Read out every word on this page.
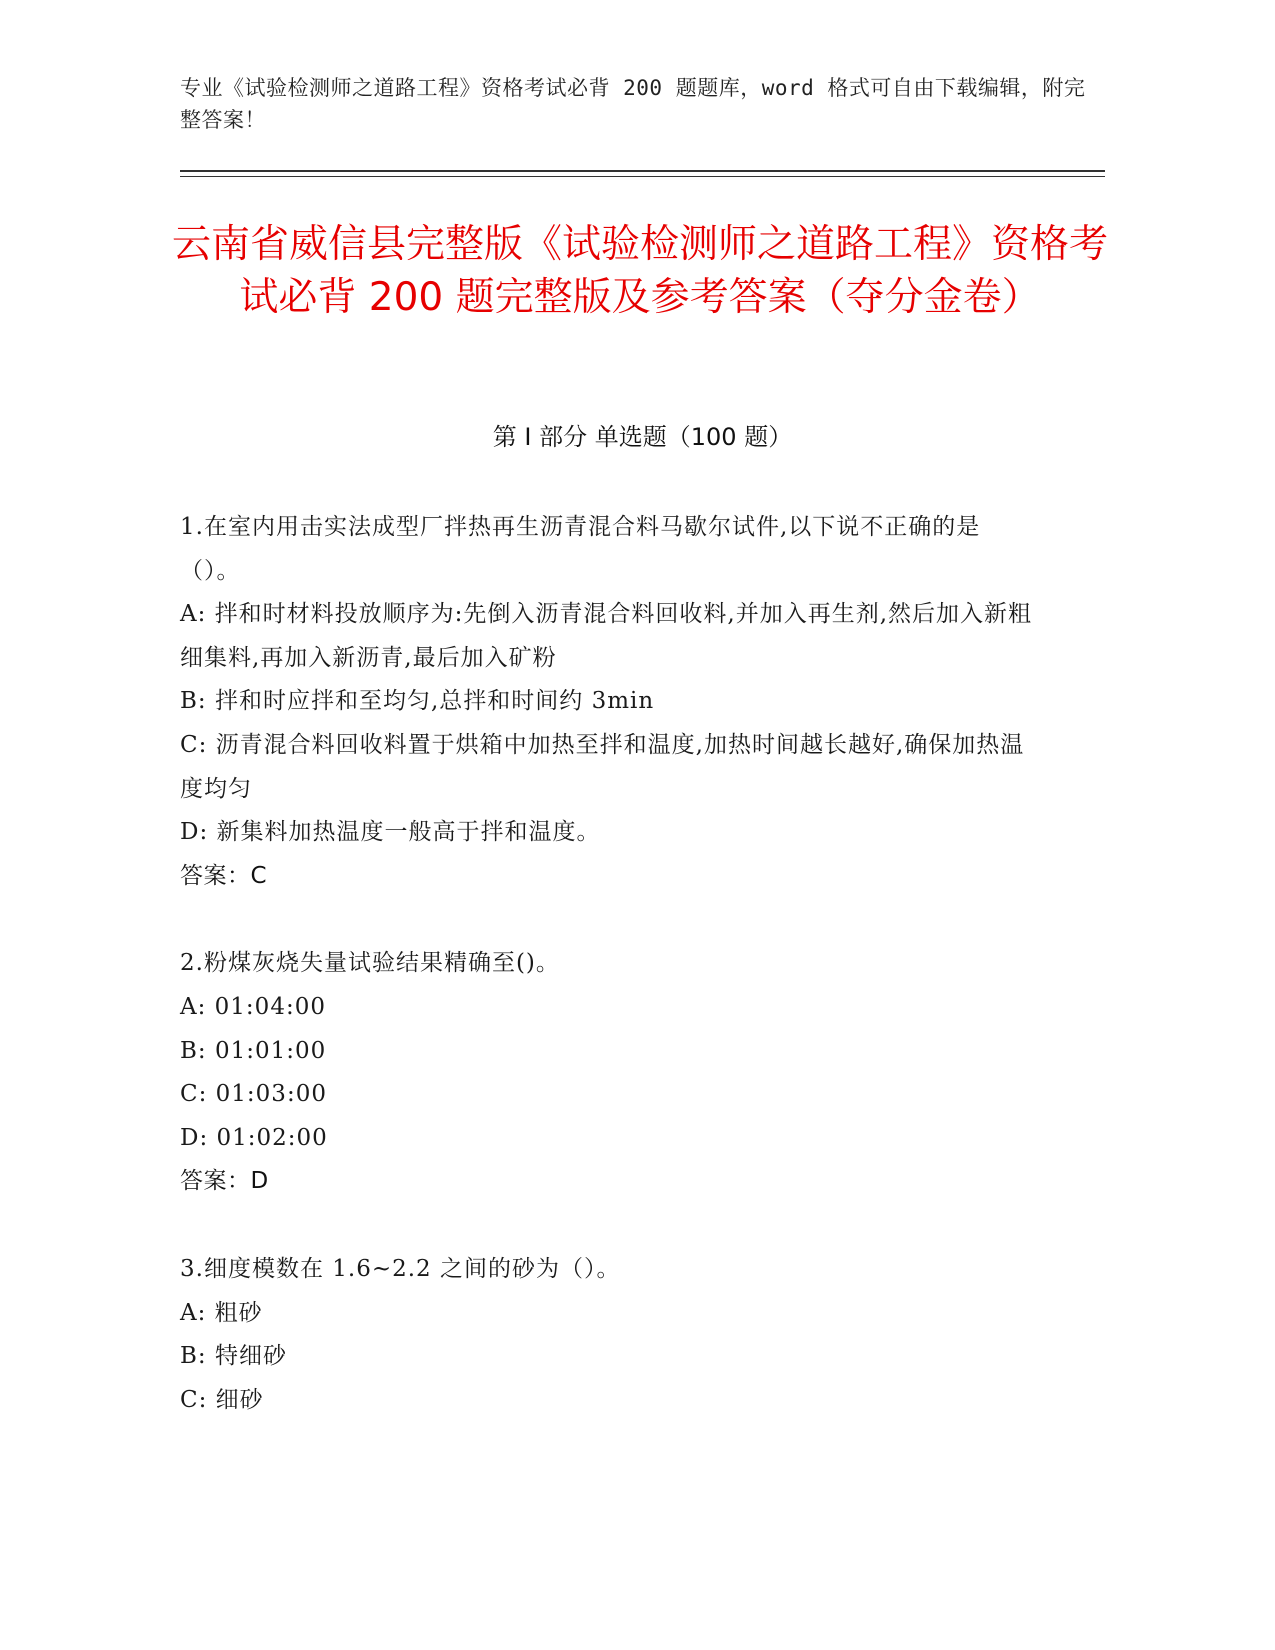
专业《试验检测师之道路工程》资格考试必背 200 题题库，word 格式可自由下载编辑，附完整答案！
云南省威信县完整版《试验检测师之道路工程》资格考试必背 200 题完整版及参考答案（夺分金卷）
第 I 部分 单选题（100 题）

1.在室内用击实法成型厂拌热再生沥青混合料马歇尔试件,以下说不正确的是（）。

A: 拌和时材料投放顺序为:先倒入沥青混合料回收料,并加入再生剂,然后加入新粗细集料,再加入新沥青,最后加入矿粉

B: 拌和时应拌和至均匀,总拌和时间约 3min

C: 沥青混合料回收料置于烘箱中加热至拌和温度,加热时间越长越好,确保加热温度均匀

D: 新集料加热温度一般高于拌和温度。

答案：C

2.粉煤灰烧失量试验结果精确至()。

A: 01:04:00

B: 01:01:00

C: 01:03:00

D: 01:02:00

答案：D

3.细度模数在 1.6~2.2 之间的砂为（）。

A: 粗砂

B: 特细砂

C: 细砂
